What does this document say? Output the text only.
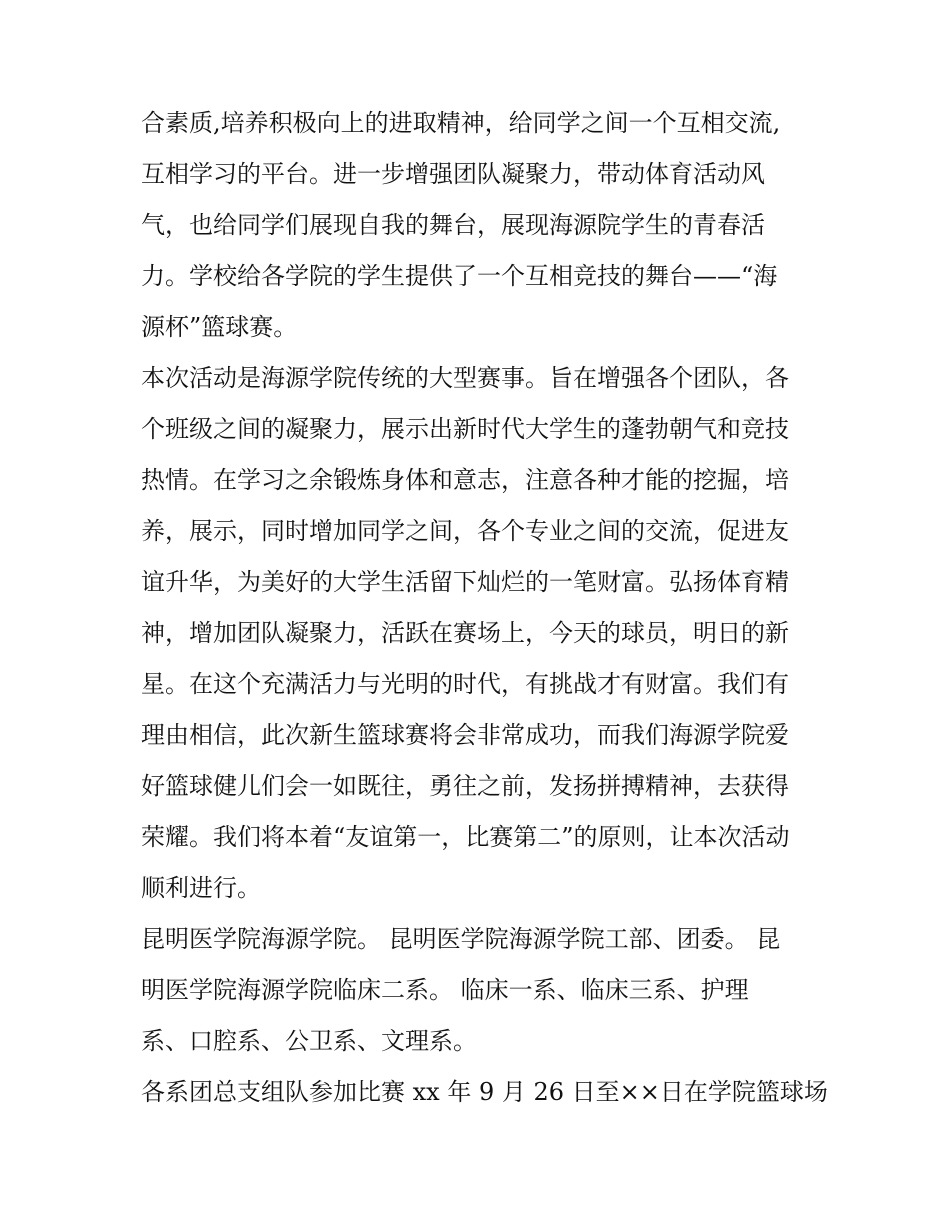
合素质,培养积极向上的进取精神，给同学之间一个互相交流,
互相学习的平台。进一步增强团队凝聚力，带动体育活动风
气，也给同学们展现自我的舞台，展现海源院学生的青春活
力。学校给各学院的学生提供了一个互相竞技的舞台——“海
源杯”篮球赛。

本次活动是海源学院传统的大型赛事。旨在增强各个团队，各
个班级之间的凝聚力，展示出新时代大学生的蓬勃朝气和竞技
热情。在学习之余锻炼身体和意志，注意各种才能的挖掘，培
养，展示，同时增加同学之间，各个专业之间的交流，促进友
谊升华，为美好的大学生活留下灿烂的一笔财富。弘扬体育精
神，增加团队凝聚力，活跃在赛场上，今天的球员，明日的新
星。在这个充满活力与光明的时代，有挑战才有财富。我们有
理由相信，此次新生篮球赛将会非常成功，而我们海源学院爱
好篮球健儿们会一如既往，勇往之前，发扬拼搏精神，去获得
荣耀。我们将本着“友谊第一，比赛第二”的原则，让本次活动
顺利进行。

昆明医学院海源学院。 昆明医学院海源学院工部、团委。 昆
明医学院海源学院临床二系。 临床一系、临床三系、护理
系、口腔系、公卫系、文理系。

各系团总支组队参加比赛 xx 年 9 月 26 日至××日在学院篮球场
